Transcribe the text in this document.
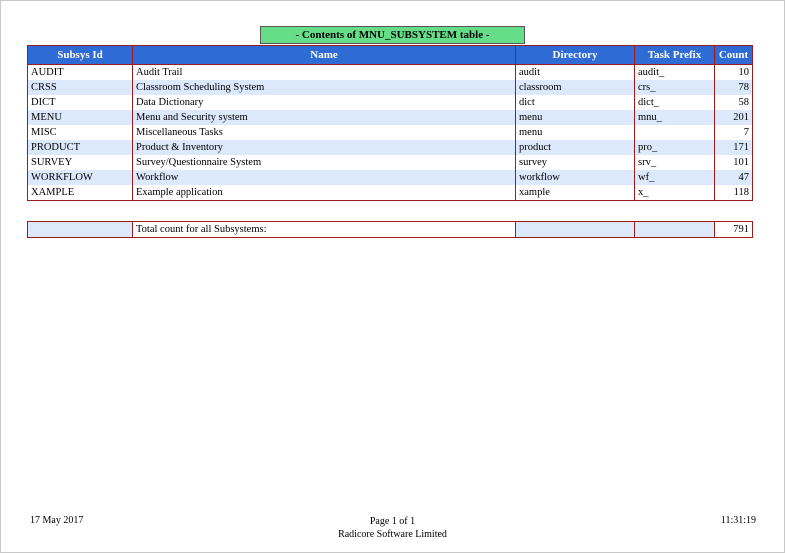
- Contents of MNU_SUBSYSTEM table -
Subsys Id	Name	Directory	Task Prefix	Count
AUDIT	Audit Trail	audit	audit_	10
CRSS	Classroom Scheduling System	classroom	crs_	78
DICT	Data Dictionary	dict	dict_	58
MENU	Menu and Security system	menu	mnu_	201
MISC	Miscellaneous Tasks	menu		7
PRODUCT	Product & Inventory	product	pro_	171
SURVEY	Survey/Questionnaire System	survey	srv_	101
WORKFLOW	Workflow	workflow	wf_	47
XAMPLE	Example application	xample	x_	118
	Total count for all Subsystems:			791
17 May 2017	Page 1 of 1
Radicore Software Limited
11:31:19
